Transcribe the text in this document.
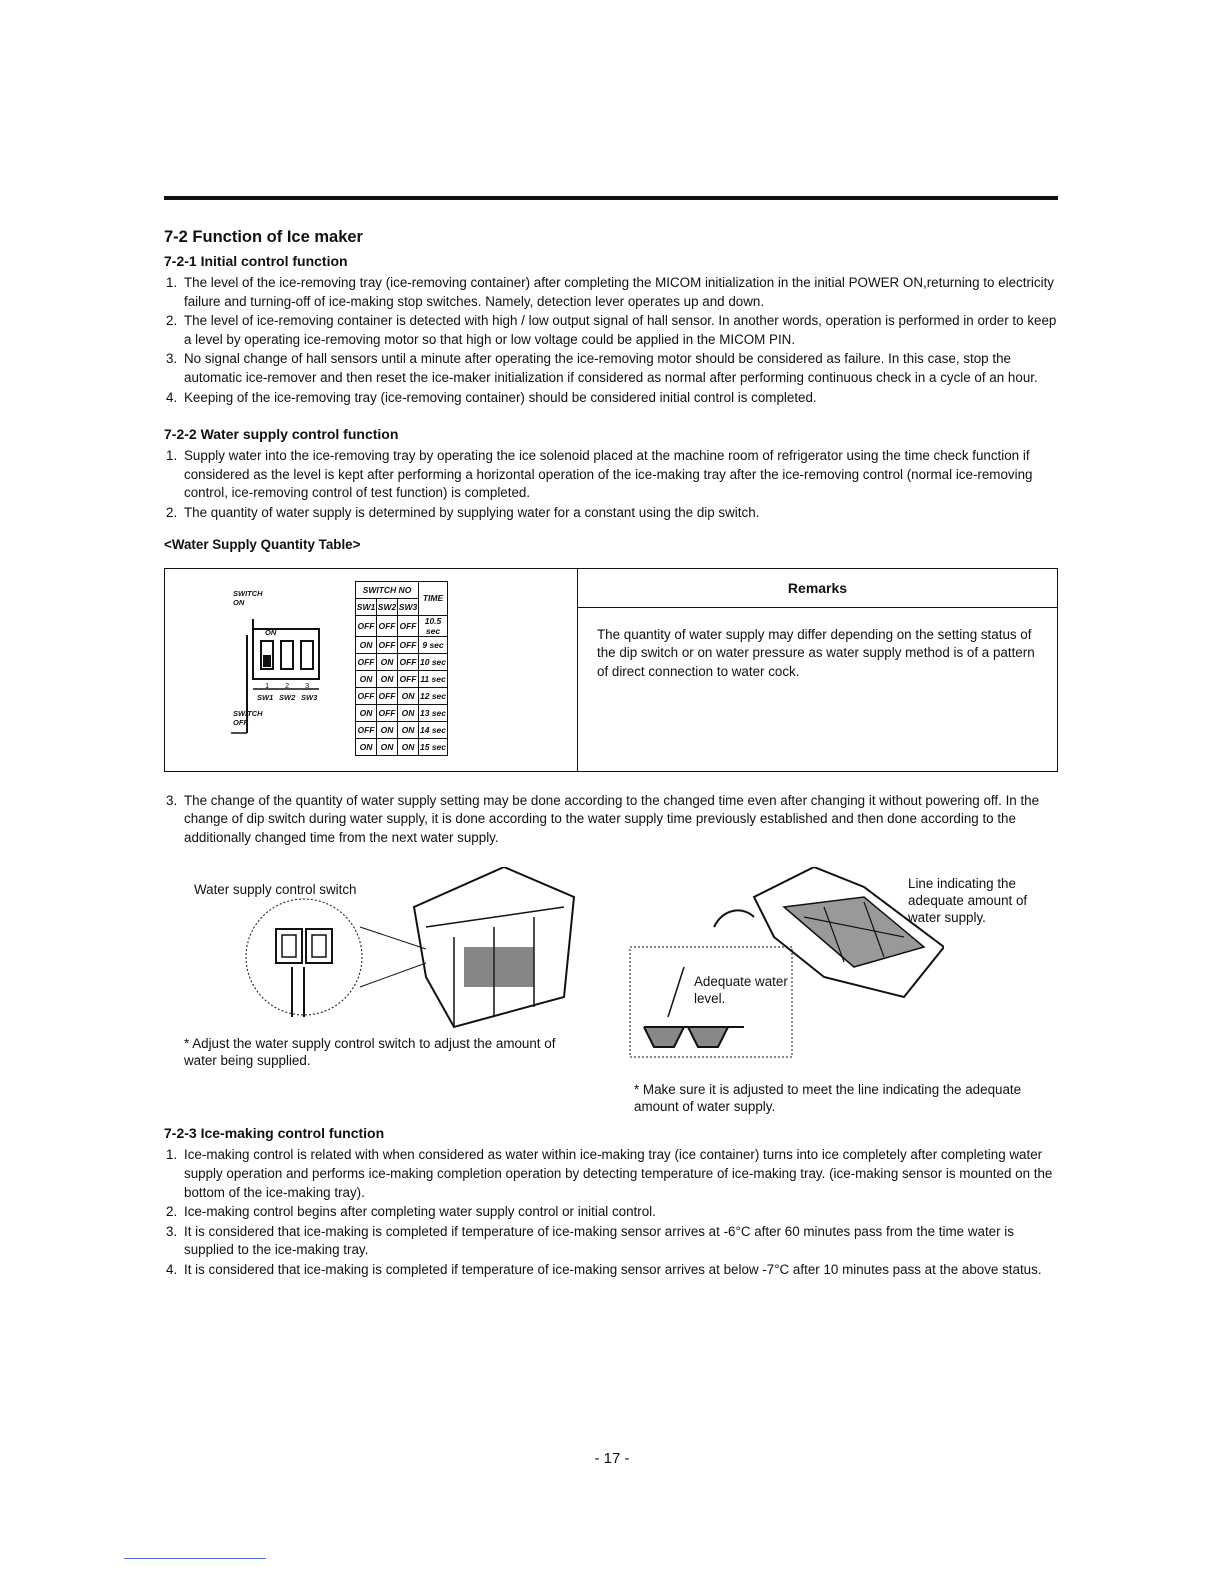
7-2 Function of Ice maker
7-2-1 Initial control function
1. The level of the ice-removing tray (ice-removing container) after completing the MICOM initialization in the initial POWER ON,returning to electricity failure and turning-off of ice-making stop switches. Namely, detection lever operates up and down.
2. The level of ice-removing container is detected with high / low output signal of hall sensor. In another words, operation is performed in order to keep a level by operating ice-removing motor so that high or low voltage could be applied in the MICOM PIN.
3. No signal change of hall sensors until a minute after operating the ice-removing motor should be considered as failure. In this case, stop the automatic ice-remover and then reset the ice-maker initialization if considered as normal after performing continuous check in a cycle of an hour.
4. Keeping of the ice-removing tray (ice-removing container) should be considered initial control is completed.
7-2-2 Water supply control function
1. Supply water into the ice-removing tray by operating the ice solenoid placed at the machine room of refrigerator using the time check function if considered as the level is kept after performing a horizontal operation of the ice-making tray after the ice-removing control (normal ice-removing control, ice-removing control of test function) is completed.
2. The quantity of water supply is determined by supplying water for a constant using the dip switch.
<Water Supply Quantity Table>
SWITCH ON
ON
1 2 3
SW1 SW2 SW3
SWITCH OFF
SWITCH NO			TIME
SW1	SW2	SW3	
OFF	OFF	OFF	10.5 sec
ON	OFF	OFF	9 sec
OFF	ON	OFF	10 sec
ON	ON	OFF	11 sec
OFF	OFF	ON	12 sec
ON	OFF	ON	13 sec
OFF	ON	ON	14 sec
ON	ON	ON	15 sec
Remarks
The quantity of water supply may differ depending on the setting status of the dip switch or on water pressure as water supply method is of a pattern of direct connection to water cock.
3. The change of the quantity of water supply setting may be done according to the changed time even after changing it without powering off. In the change of dip switch during water supply, it is done according to the water supply time previously established and then done according to the additionally changed time from the next water supply.
Water supply control switch
* Adjust the water supply control switch to adjust the amount of water being supplied.
Line indicating the adequate amount of water supply.
Adequate water level.
* Make sure it is adjusted to meet the line indicating the adequate amount of water supply.
7-2-3 Ice-making control function
1. Ice-making control is related with when considered as water within ice-making tray (ice container) turns into ice completely after completing water supply operation and performs ice-making completion operation by detecting temperature of ice-making tray. (ice-making sensor is mounted on the bottom of the ice-making tray).
2. Ice-making control begins after completing water supply control or initial control.
3. It is considered that ice-making is completed if temperature of ice-making sensor arrives at -6°C after 60 minutes pass from the time water is supplied to the ice-making tray.
4. It is considered that ice-making is completed if temperature of ice-making sensor arrives at below -7°C after 10 minutes pass at the above status.
- 17 -
